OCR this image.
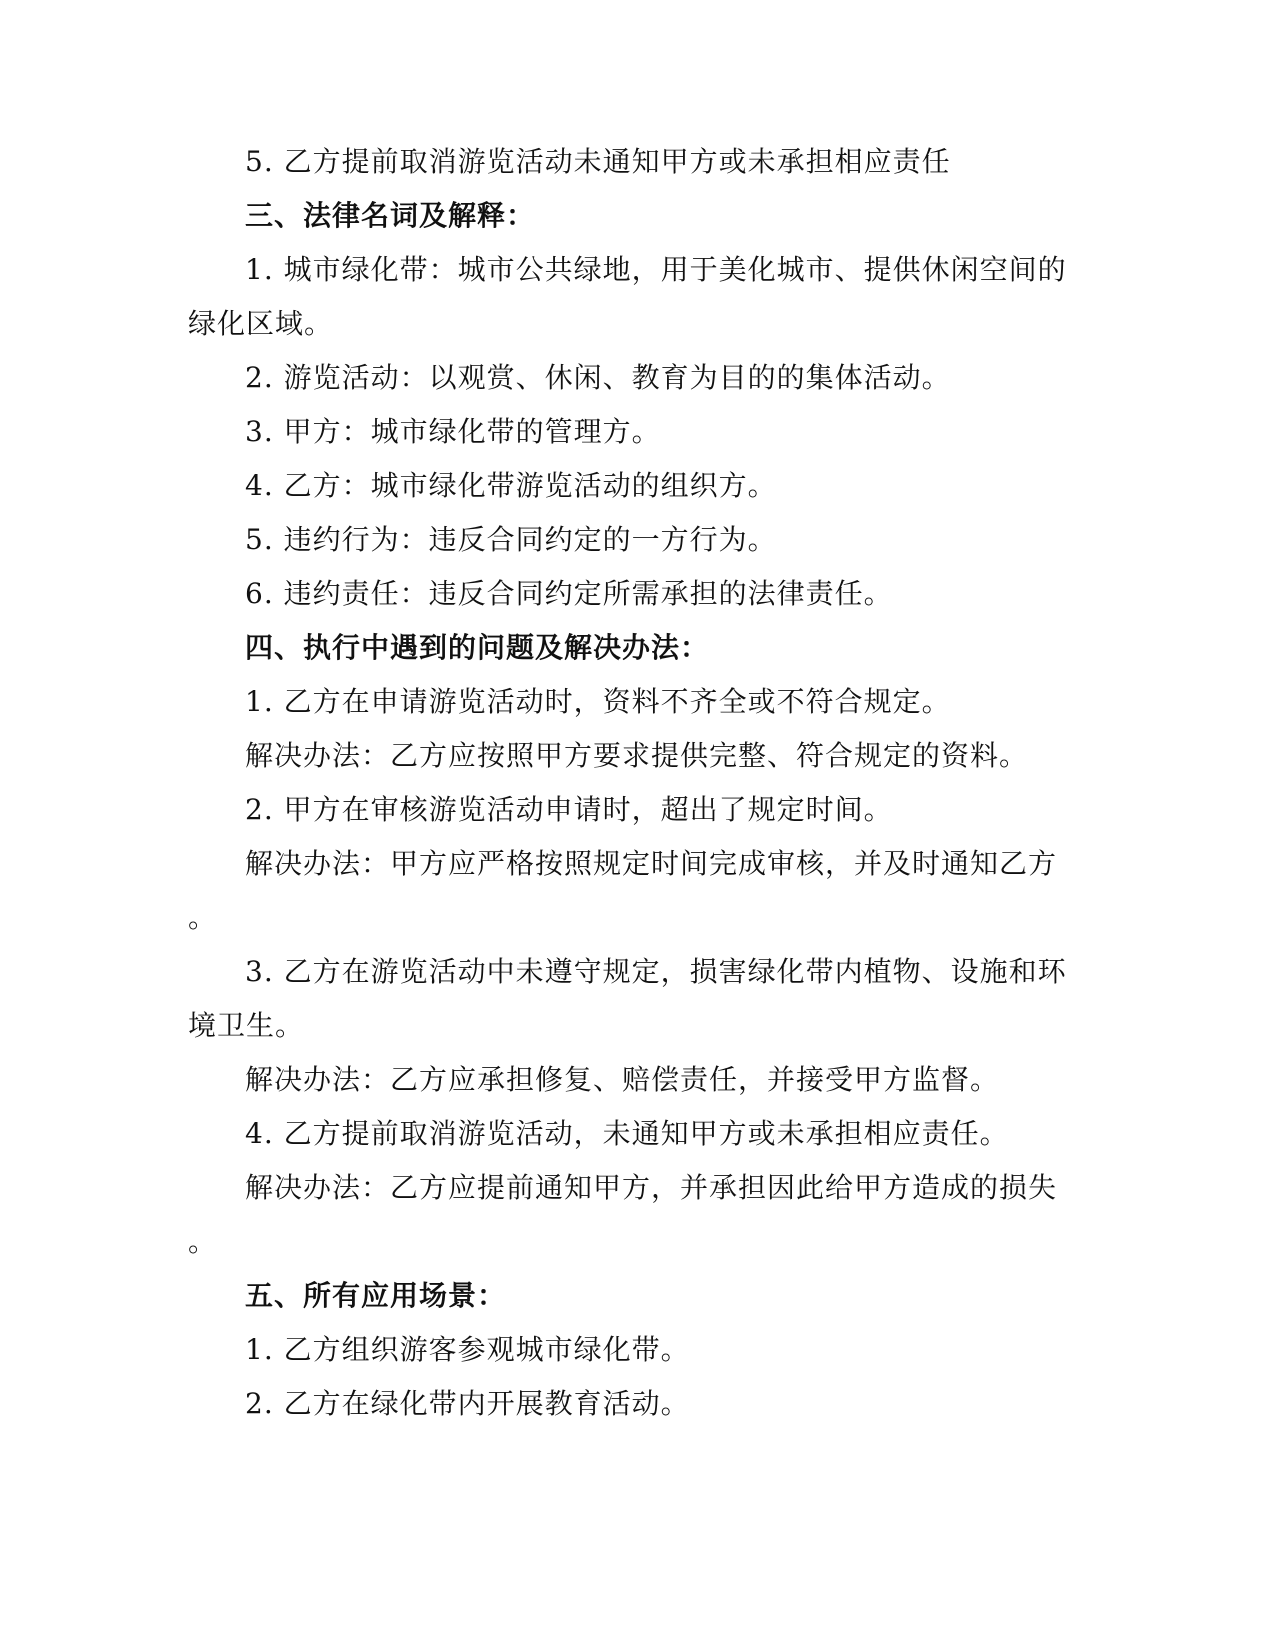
5. 乙方提前取消游览活动未通知甲方或未承担相应责任

三、法律名词及解释：

1. 城市绿化带：城市公共绿地，用于美化城市、提供休闲空间的

绿化区域。

2. 游览活动：以观赏、休闲、教育为目的的集体活动。

3. 甲方：城市绿化带的管理方。

4. 乙方：城市绿化带游览活动的组织方。

5. 违约行为：违反合同约定的一方行为。

6. 违约责任：违反合同约定所需承担的法律责任。

四、执行中遇到的问题及解决办法：

1. 乙方在申请游览活动时，资料不齐全或不符合规定。

解决办法：乙方应按照甲方要求提供完整、符合规定的资料。

2. 甲方在审核游览活动申请时，超出了规定时间。

解决办法：甲方应严格按照规定时间完成审核，并及时通知乙方

。

3. 乙方在游览活动中未遵守规定，损害绿化带内植物、设施和环

境卫生。

解决办法：乙方应承担修复、赔偿责任，并接受甲方监督。

4. 乙方提前取消游览活动，未通知甲方或未承担相应责任。

解决办法：乙方应提前通知甲方，并承担因此给甲方造成的损失

。

五、所有应用场景：

1. 乙方组织游客参观城市绿化带。

2. 乙方在绿化带内开展教育活动。
